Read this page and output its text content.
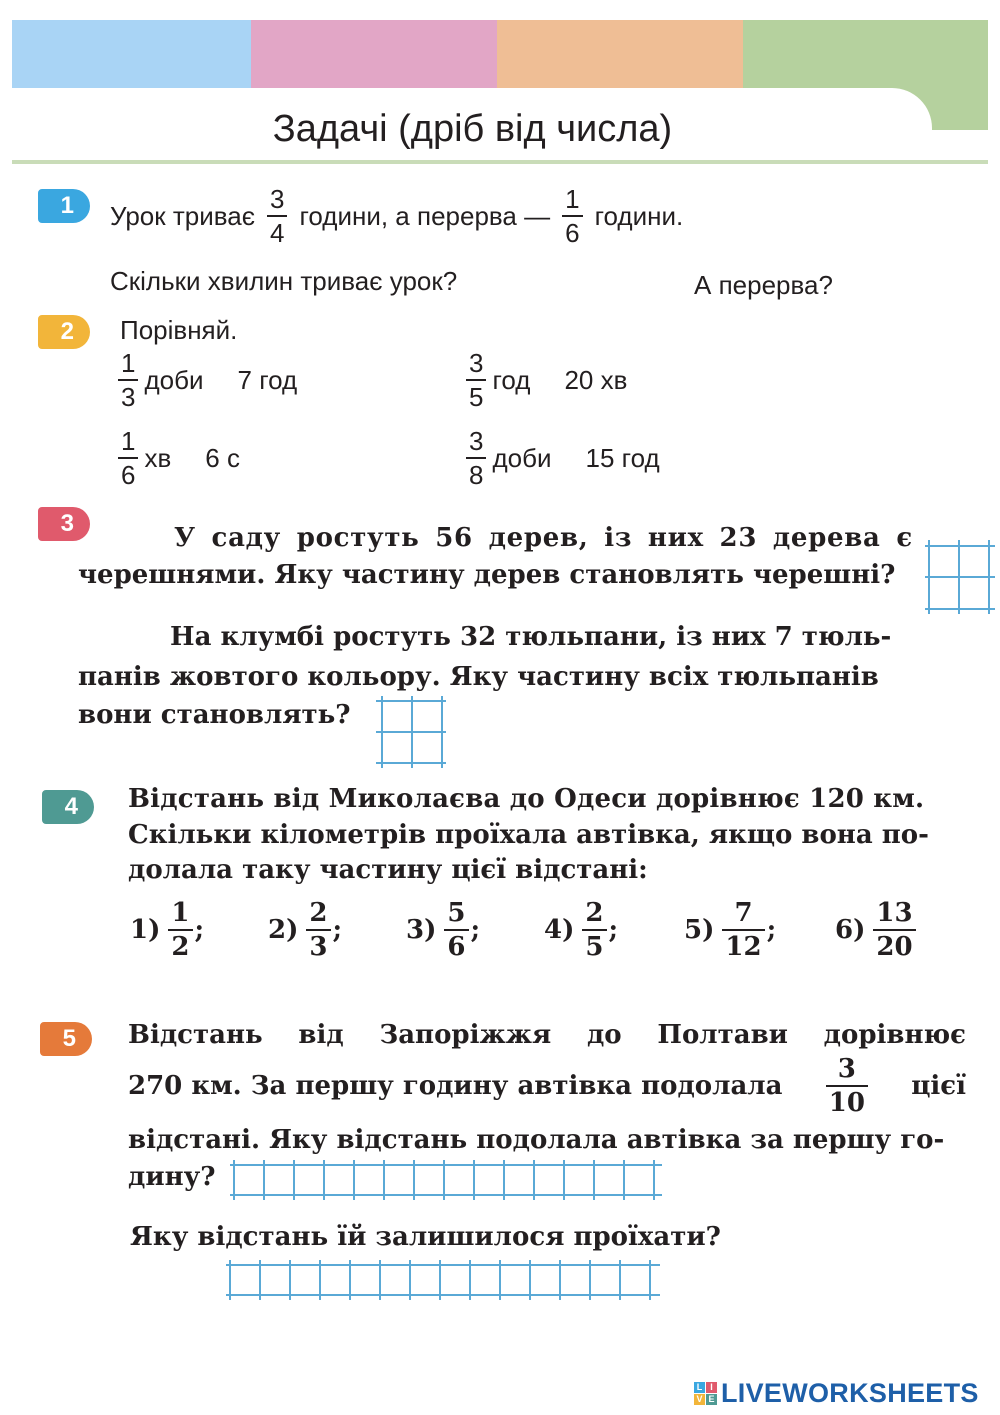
Задачі (дріб від числа)
1 Урок триває $\frac{3}{4}$ години, а перерва — $\frac{1}{6}$ години.
Скільки хвилин триває урок?	А перерва?
2 Порівняй.
$\frac{1}{3}$ доби 7 год	$\frac{3}{5}$ год 20 хв
$\frac{1}{6}$ хв 6 с	$\frac{3}{8}$ доби 15 год
3	У саду ростуть 56 дерев, із них 23 дерева є
черешнями. Яку частину дерев становлять черешні?
На клумбі ростуть 32 тюльпани, із них 7 тюль-
панів жовтого кольору. Яку частину всіх тюльпанів
вони становлять?
4 Відстань від Миколаєва до Одеси дорівнює 120 км.
Скільки кілометрів проїхала автівка, якщо вона по-
долала таку частину цієї відстані:
$1) \frac{1}{2}$ ; $2) \frac{2}{3}$ ; $3) \frac{5}{6}$ ; $4) \frac{2}{5}$ ;	$5) \frac{7}{12}$ ; $6) \frac{13}{20}$
5 Відстань від Запоріжжя до Полтави дорівнює
270 км. За першу годину автівка подолала $\frac{3}{10}$ цієї
відстані. Яку відстань подолала автівка за першу го-
дину?
Яку відстань їй залишилося проїхати?
L I
V E LIVEWORKSHEETS
